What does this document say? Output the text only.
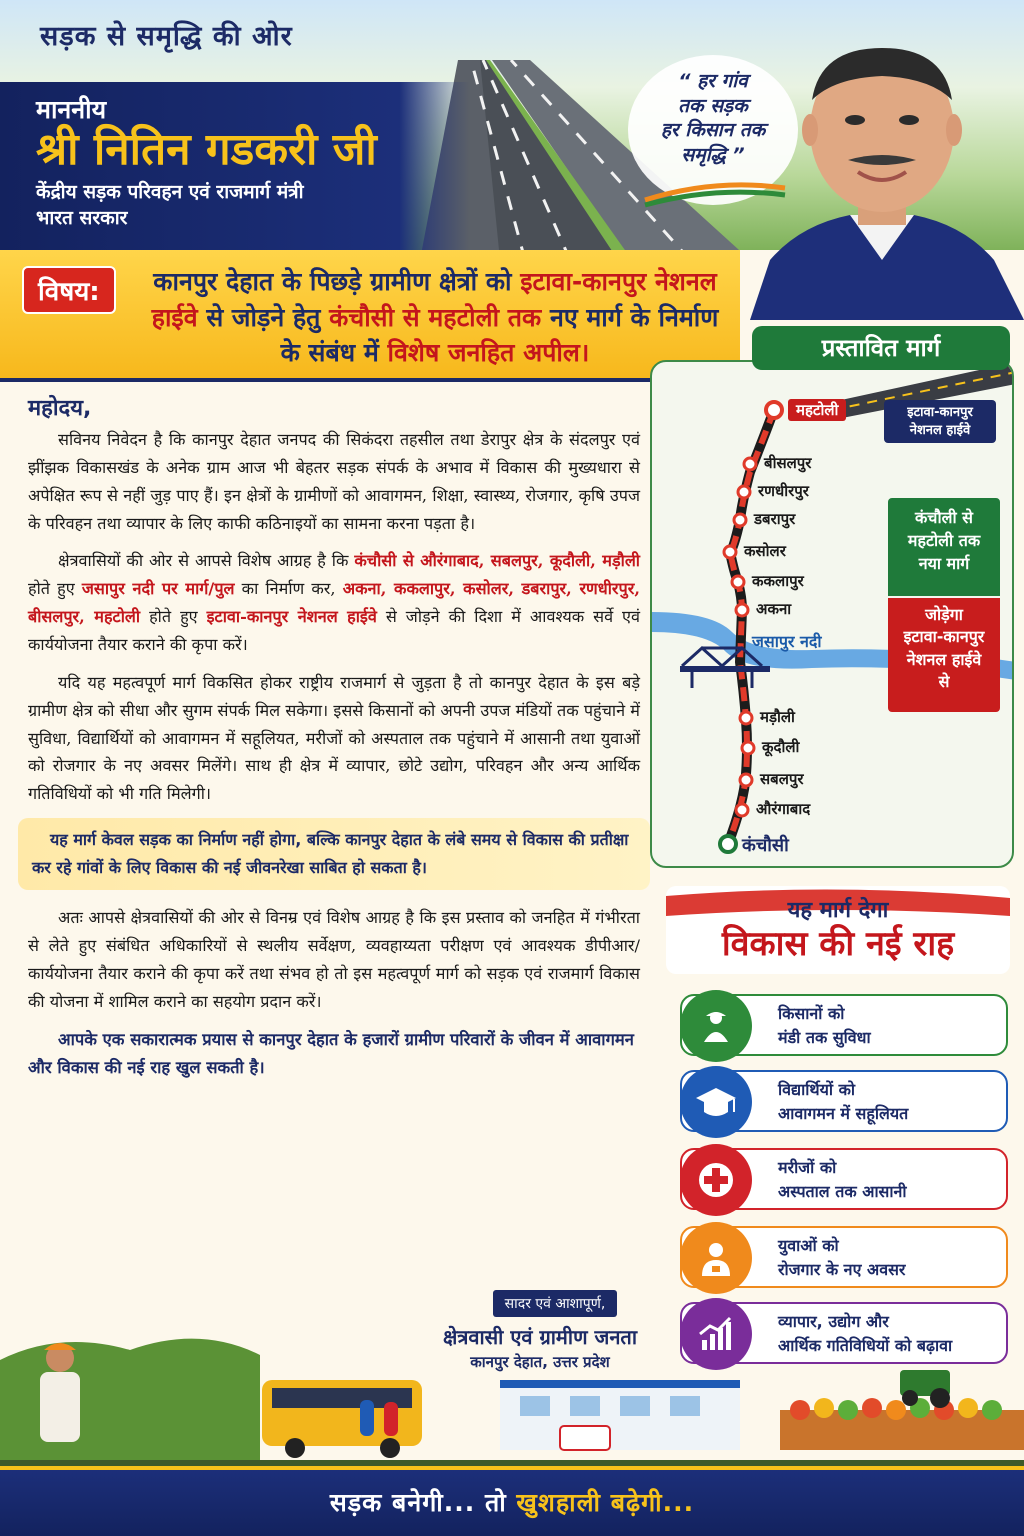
सड़क से समृद्धि की ओर
माननीय
श्री नितिन गडकरी जी
केंद्रीय सड़क परिवहन एवं राजमार्ग मंत्री
भारत सरकार
“ हर गांव
तक सड़क
हर किसान तक
समृद्धि ”
विषय:	कानपुर देहात के पिछड़े ग्रामीण क्षेत्रों को इटावा-कानपुर नेशनल हाईवे से जोड़ने हेतु कंचौसी से महटोली तक नए मार्ग के निर्माण के संबंध में विशेष जनहित अपील।
महोदय,

सविनय निवेदन है कि कानपुर देहात जनपद की सिकंदरा तहसील तथा डेरापुर क्षेत्र के संदलपुर एवं झींझक विकासखंड के अनेक ग्राम आज भी बेहतर सड़क संपर्क के अभाव में विकास की मुख्यधारा से अपेक्षित रूप से नहीं जुड़ पाए हैं। इन क्षेत्रों के ग्रामीणों को आवागमन, शिक्षा, स्वास्थ्य, रोजगार, कृषि उपज के परिवहन तथा व्यापार के लिए काफी कठिनाइयों का सामना करना पड़ता है।

क्षेत्रवासियों की ओर से आपसे विशेष आग्रह है कि कंचौसी से औरंगाबाद, सबलपुर, कूदौली, मड़ौली होते हुए जसापुर नदी पर मार्ग/पुल का निर्माण कर, अकना, ककलापुर, कसोलर, डबरापुर, रणधीरपुर, बीसलपुर, महटोली होते हुए इटावा-कानपुर नेशनल हाईवे से जोड़ने की दिशा में आवश्यक सर्वे एवं कार्ययोजना तैयार कराने की कृपा करें।

यदि यह महत्वपूर्ण मार्ग विकसित होकर राष्ट्रीय राजमार्ग से जुड़ता है तो कानपुर देहात के इस बड़े ग्रामीण क्षेत्र को सीधा और सुगम संपर्क मिल सकेगा। इससे किसानों को अपनी उपज मंडियों तक पहुंचाने में सुविधा, विद्यार्थियों को आवागमन में सहूलियत, मरीजों को अस्पताल तक पहुंचाने में आसानी तथा युवाओं को रोजगार के नए अवसर मिलेंगे। साथ ही क्षेत्र में व्यापार, छोटे उद्योग, परिवहन और अन्य आर्थिक गतिविधियों को भी गति मिलेगी।

यह मार्ग केवल सड़क का निर्माण नहीं होगा, बल्कि कानपुर देहात के लंबे समय से विकास की प्रतीक्षा कर रहे गांवों के लिए विकास की नई जीवनरेखा साबित हो सकता है।

अतः आपसे क्षेत्रवासियों की ओर से विनम्र एवं विशेष आग्रह है कि इस प्रस्ताव को जनहित में गंभीरता से लेते हुए संबंधित अधिकारियों से स्थलीय सर्वेक्षण, व्यवहाय्यता परीक्षण एवं आवश्यक डीपीआर/कार्ययोजना तैयार कराने की कृपा करें तथा संभव हो तो इस महत्वपूर्ण मार्ग को सड़क एवं राजमार्ग विकास की योजना में शामिल कराने का सहयोग प्रदान करें।

आपके एक सकारात्मक प्रयास से कानपुर देहात के हजारों ग्रामीण परिवारों के जीवन में आवागमन और विकास की नई राह खुल सकती है।

इटावा-कानपुर
नेशनल हाईवे
कंचौली से
महटोली तक
नया मार्ग
जोड़ेगा
इटावा-कानपुर
नेशनल हाईवे
से
जसापुर नदी
महटोली
बीसलपुर
रणधीरपुर
डबरापुर
कसोलर
ककलापुर
अकना
मड़ौली
कूदौली
सबलपुर
औरंगाबाद
कंचौसी
प्रस्तावित मार्ग
यह मार्ग देगा
विकास की नई राह
किसानों को
मंडी तक सुविधा
विद्यार्थियों को
आवागमन में सहूलियत
मरीजों को
अस्पताल तक आसानी
युवाओं को
रोजगार के नए अवसर
व्यापार, उद्योग और
आर्थिक गतिविधियों को बढ़ावा
सादर एवं आशापूर्ण,
क्षेत्रवासी एवं ग्रामीण जनता
कानपुर देहात, उत्तर प्रदेश
सड़क बनेगी... तो खुशहाली बढ़ेगी...
